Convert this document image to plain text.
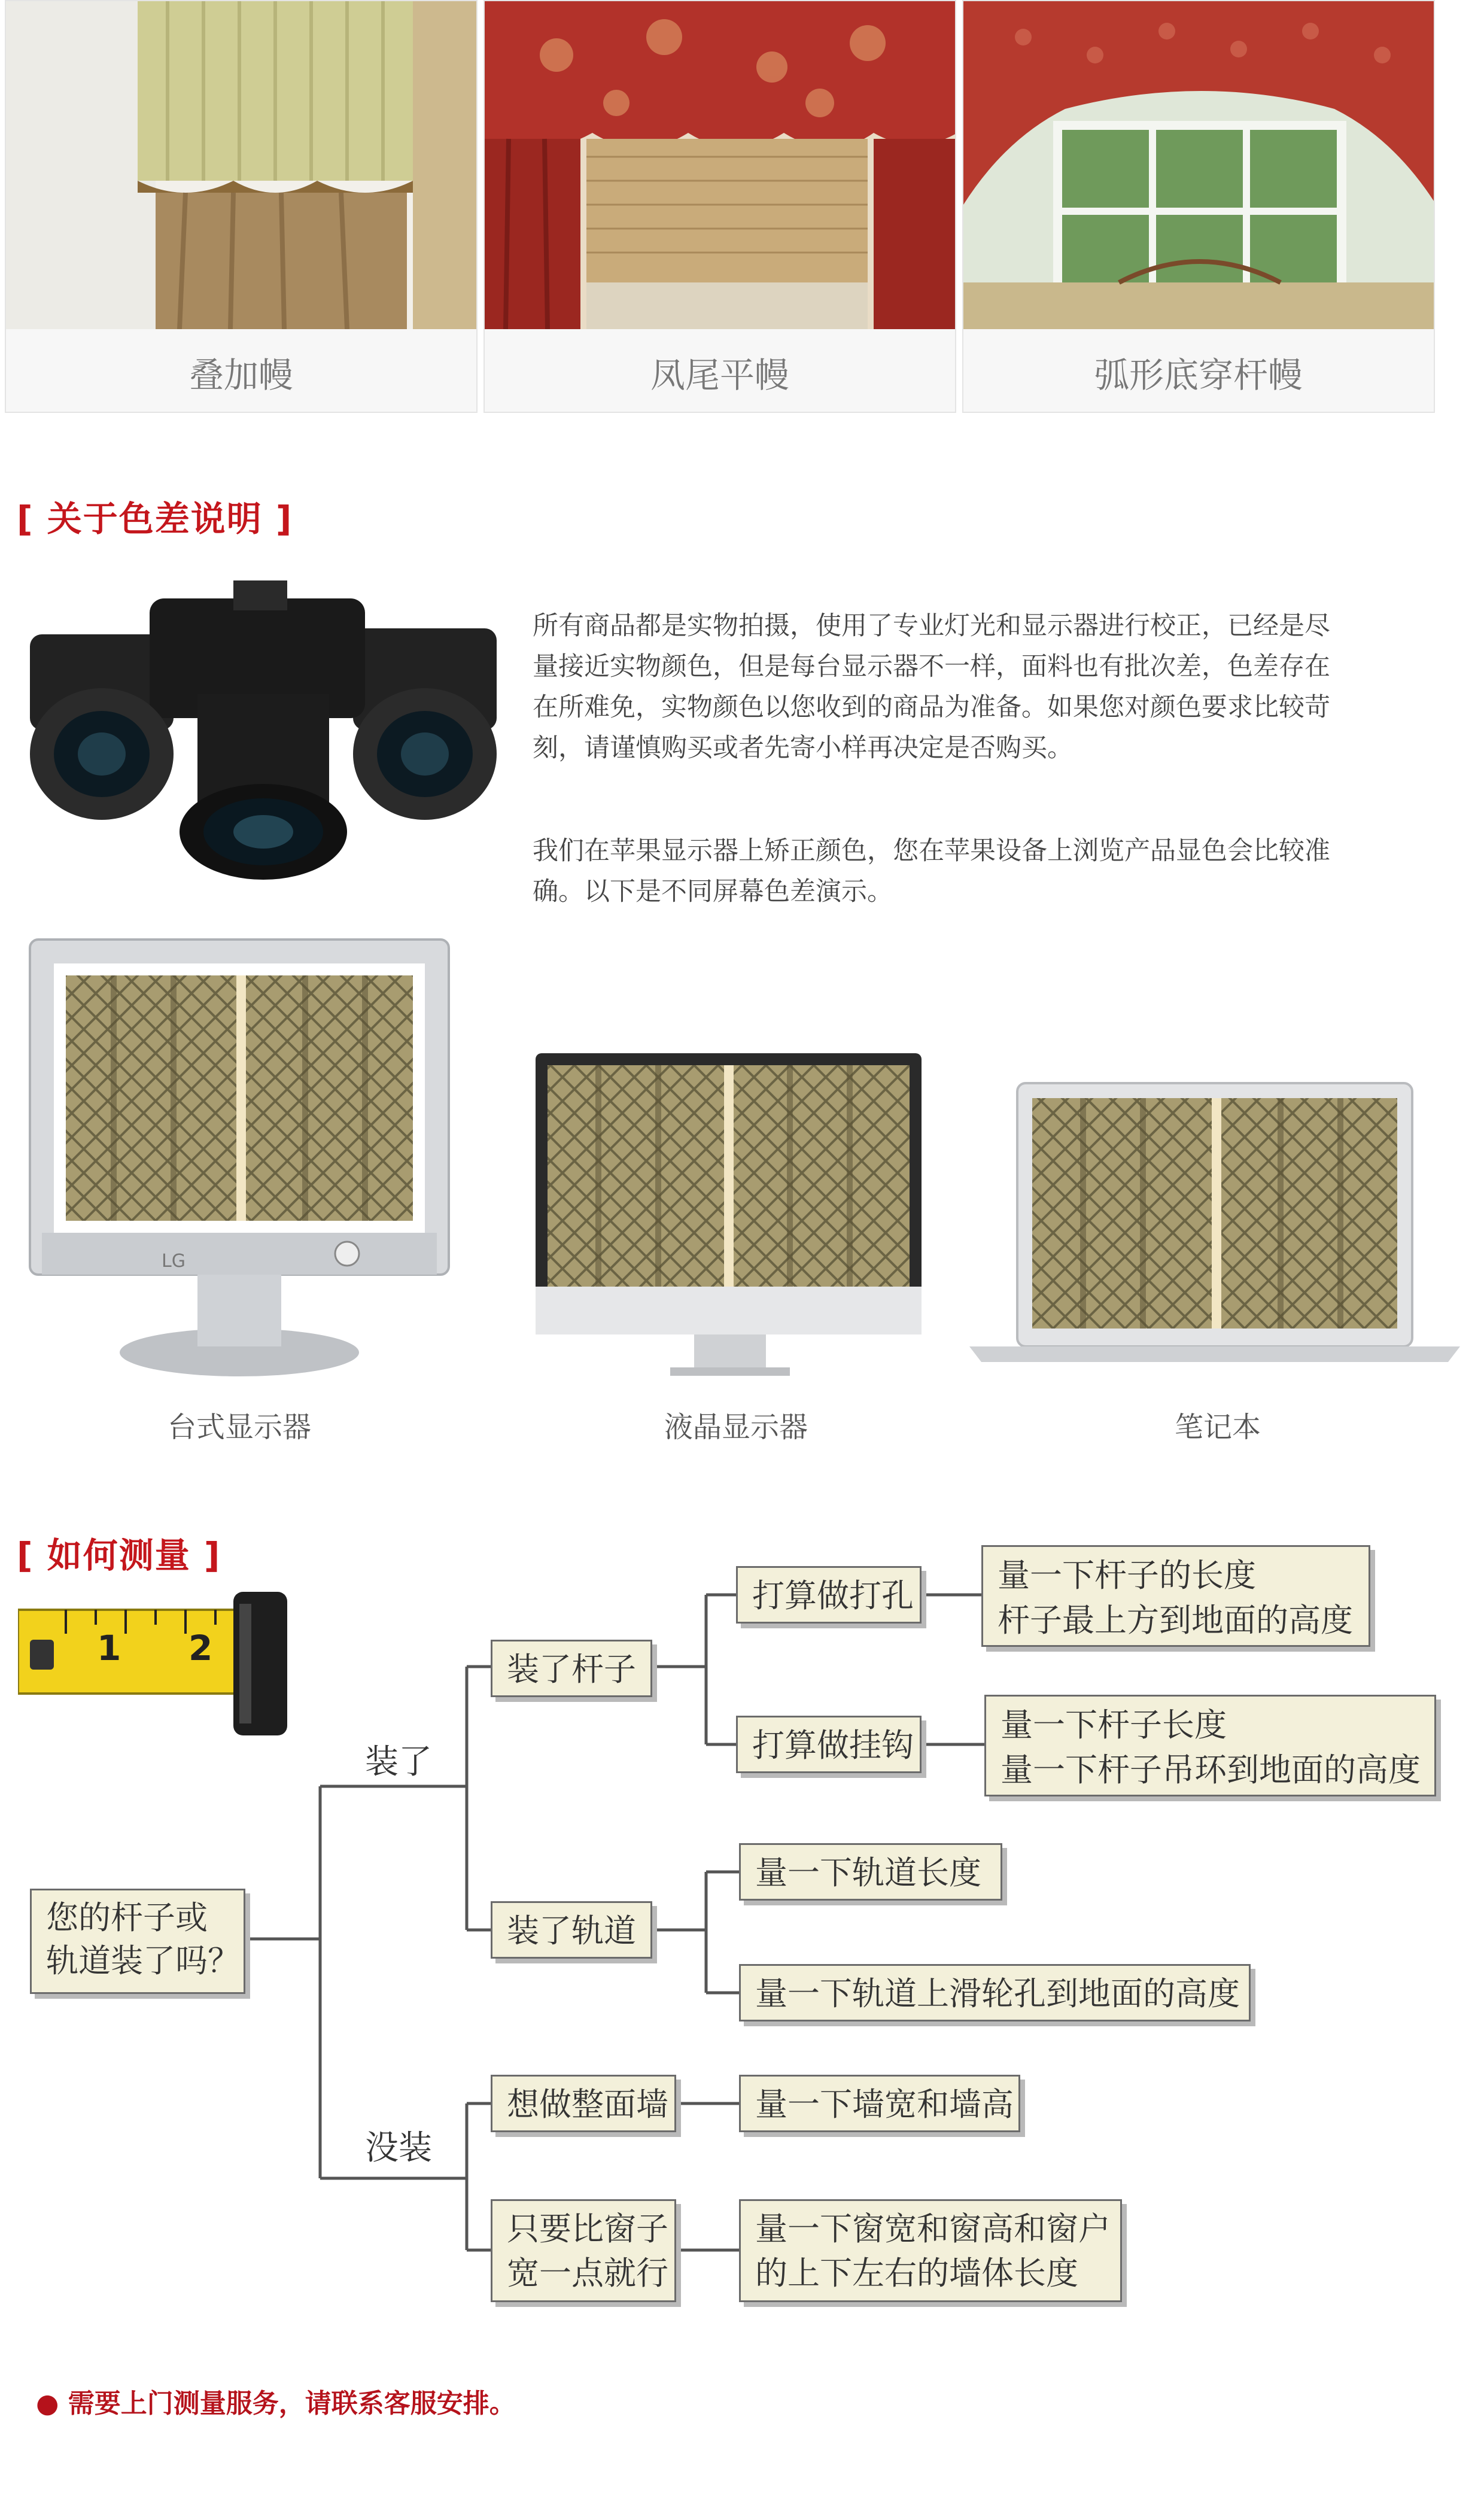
叠加幔	凤尾平幔	弧形底穿杆幔
[ 关于色差说明 ]
所有商品都是实物拍摄，使用了专业灯光和显示器进行校正，已经是尽
量接近实物颜色，但是每台显示器不一样，面料也有批次差，色差存在
在所难免，实物颜色以您收到的商品为准备。如果您对颜色要求比较苛
刻，请谨慎购买或者先寄小样再决定是否购买。
我们在苹果显示器上矫正颜色，您在苹果设备上浏览产品显色会比较准
确。以下是不同屏幕色差演示。
LG
台式显示器	液晶显示器	笔记本
[ 如何测量 ]
1 2
您的杆子或
轨道装了吗？
装了
没装
装了杆子
打算做打孔
量一下杆子的长度
杆子最上方到地面的高度
打算做挂钩
量一下杆子长度
量一下杆子吊环到地面的高度
装了轨道
量一下轨道长度
量一下轨道上滑轮孔到地面的高度
想做整面墙	量一下墙宽和墙高
只要比窗子
宽一点就行
量一下窗宽和窗高和窗户
的上下左右的墙体长度
● 需要上门测量服务，请联系客服安排。
